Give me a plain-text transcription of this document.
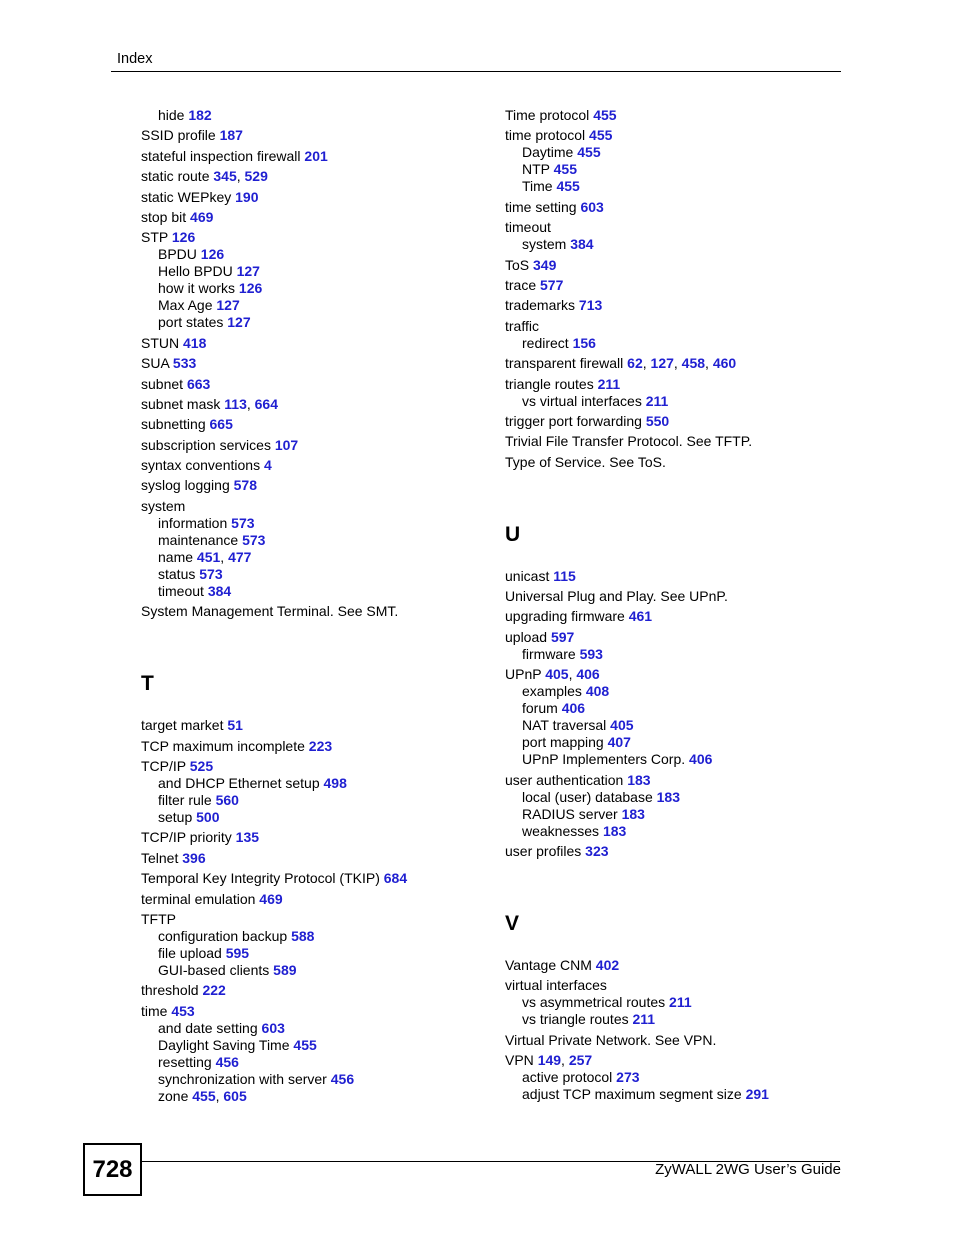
Index
hide 182
SSID profile 187
stateful inspection firewall 201
static route 345, 529
static WEPkey 190
stop bit 469
STP 126
BPDU 126
Hello BPDU 127
how it works 126
Max Age 127
port states 127
STUN 418
SUA 533
subnet 663
subnet mask 113, 664
subnetting 665
subscription services 107
syntax conventions 4
syslog logging 578
system
information 573
maintenance 573
name 451, 477
status 573
timeout 384
System Management Terminal. See SMT.
T
target market 51
TCP maximum incomplete 223
TCP/IP 525
and DHCP Ethernet setup 498
filter rule 560
setup 500
TCP/IP priority 135
Telnet 396
Temporal Key Integrity Protocol (TKIP) 684
terminal emulation 469
TFTP
configuration backup 588
file upload 595
GUI-based clients 589
threshold 222
time 453
and date setting 603
Daylight Saving Time 455
resetting 456
synchronization with server 456
zone 455, 605
Time protocol 455
time protocol 455
Daytime 455
NTP 455
Time 455
time setting 603
timeout
system 384
ToS 349
trace 577
trademarks 713
traffic
redirect 156
transparent firewall 62, 127, 458, 460
triangle routes 211
vs virtual interfaces 211
trigger port forwarding 550
Trivial File Transfer Protocol. See TFTP.
Type of Service. See ToS.
U
unicast 115
Universal Plug and Play. See UPnP.
upgrading firmware 461
upload 597
firmware 593
UPnP 405, 406
examples 408
forum 406
NAT traversal 405
port mapping 407
UPnP Implementers Corp. 406
user authentication 183
local (user) database 183
RADIUS server 183
weaknesses 183
user profiles 323
V
Vantage CNM 402
virtual interfaces
vs asymmetrical routes 211
vs triangle routes 211
Virtual Private Network. See VPN.
VPN 149, 257
active protocol 273
adjust TCP maximum segment size 291
728	ZyWALL 2WG User’s Guide
